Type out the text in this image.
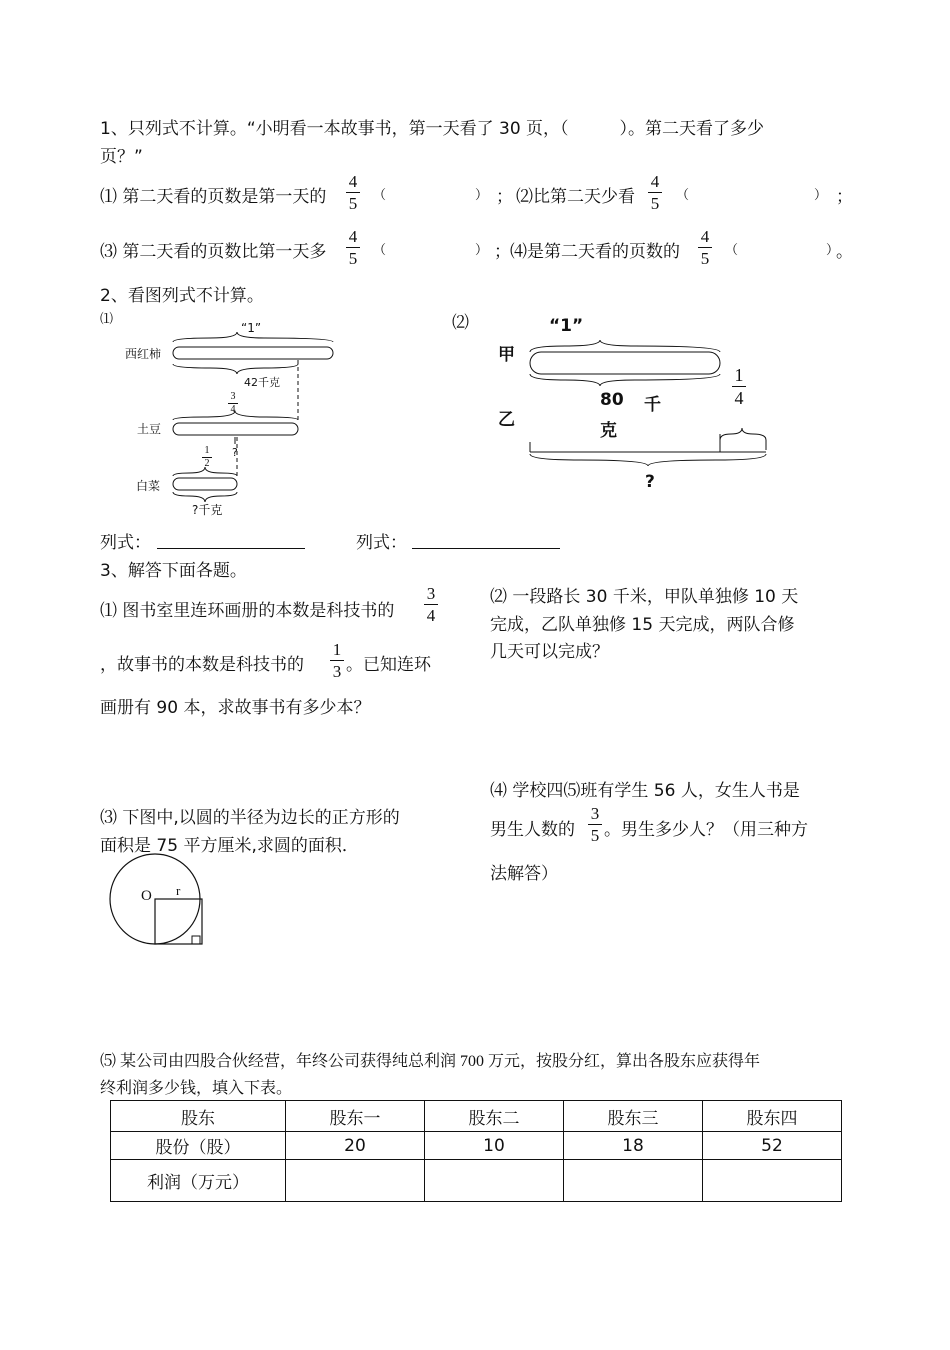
1、只列式不计算。“小明看一本故事书，第一天看了 30 页，（　　　）。第二天看了多少
页？”
⑴ 第二天看的页数是第一天的
4
5 （	） ； ⑵比第二天少看
4
5 （	） ；
⑶ 第二天看的页数比第一天多
4
5 （	） ； ⑷是第二天看的页数的
4
5 （	）
。
2、看图列式不计算。
⑴
“1”
西红柿
42千克
土豆
白菜
3
4
1
2
?
?千克
⑵	“1”
甲
乙
80 千
克
1
4
?
列式：	列式：
3、解答下面各题。
⑴ 图书室里连环画册的本数是科技书的
3
4
，故事书的本数是科技书的
1
3 。已知连环
画册有 90 本，求故事书有多少本？
⑵ 一段路长 30 千米，甲队单独修 10 天
完成，乙队单独修 15 天完成，两队合修
几天可以完成？
⑶ 下图中,以圆的半径为边长的正方形的
面积是 75 平方厘米,求圆的面积．
O r
⑷ 学校四⑸班有学生 56 人，女生人书是
男生人数的
3
5 。男生多少人？（用三种方
法解答）
⑸ 某公司由四股合伙经营，年终公司获得纯总利润 700 万元，按股分红，算出各股东应获得年
终利润多少钱，填入下表。
股东	股东一	股东二	股东三	股东四
股份（股）	20	10	18	52
利润（万元）				
